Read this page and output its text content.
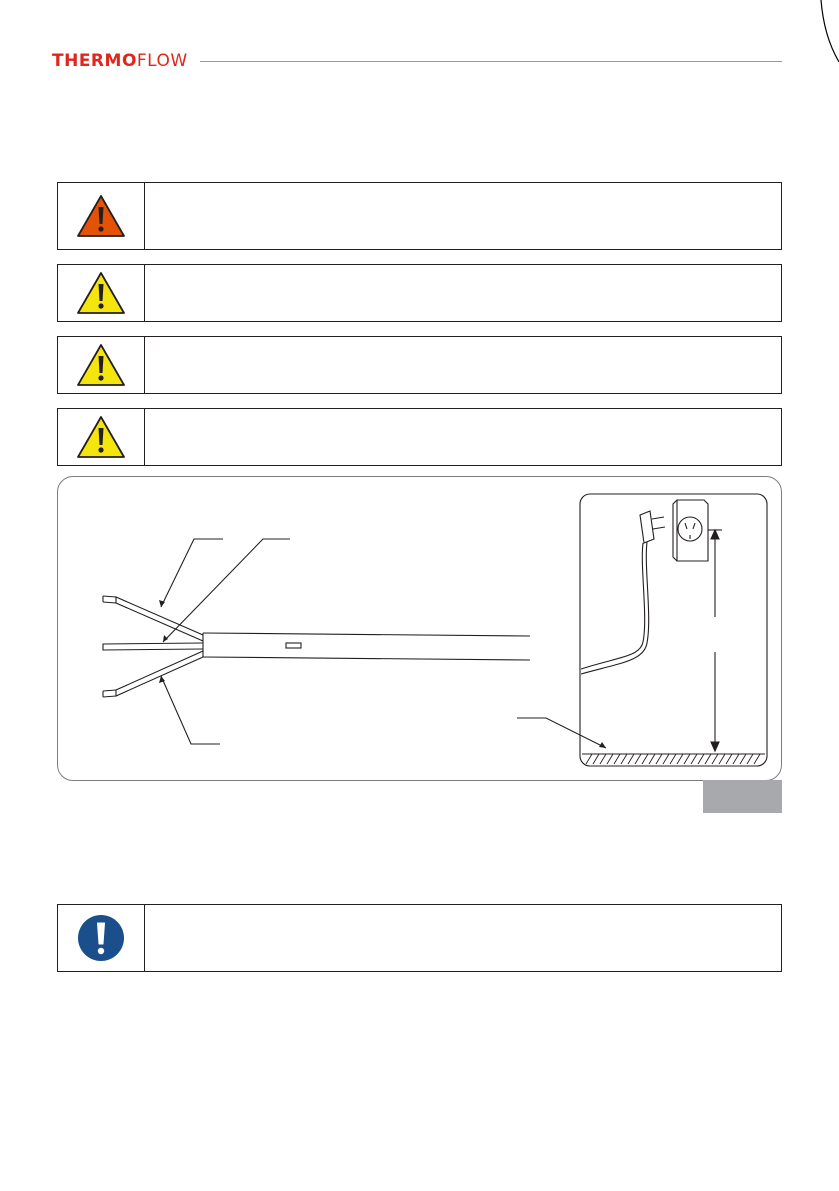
THERMOFLOW
